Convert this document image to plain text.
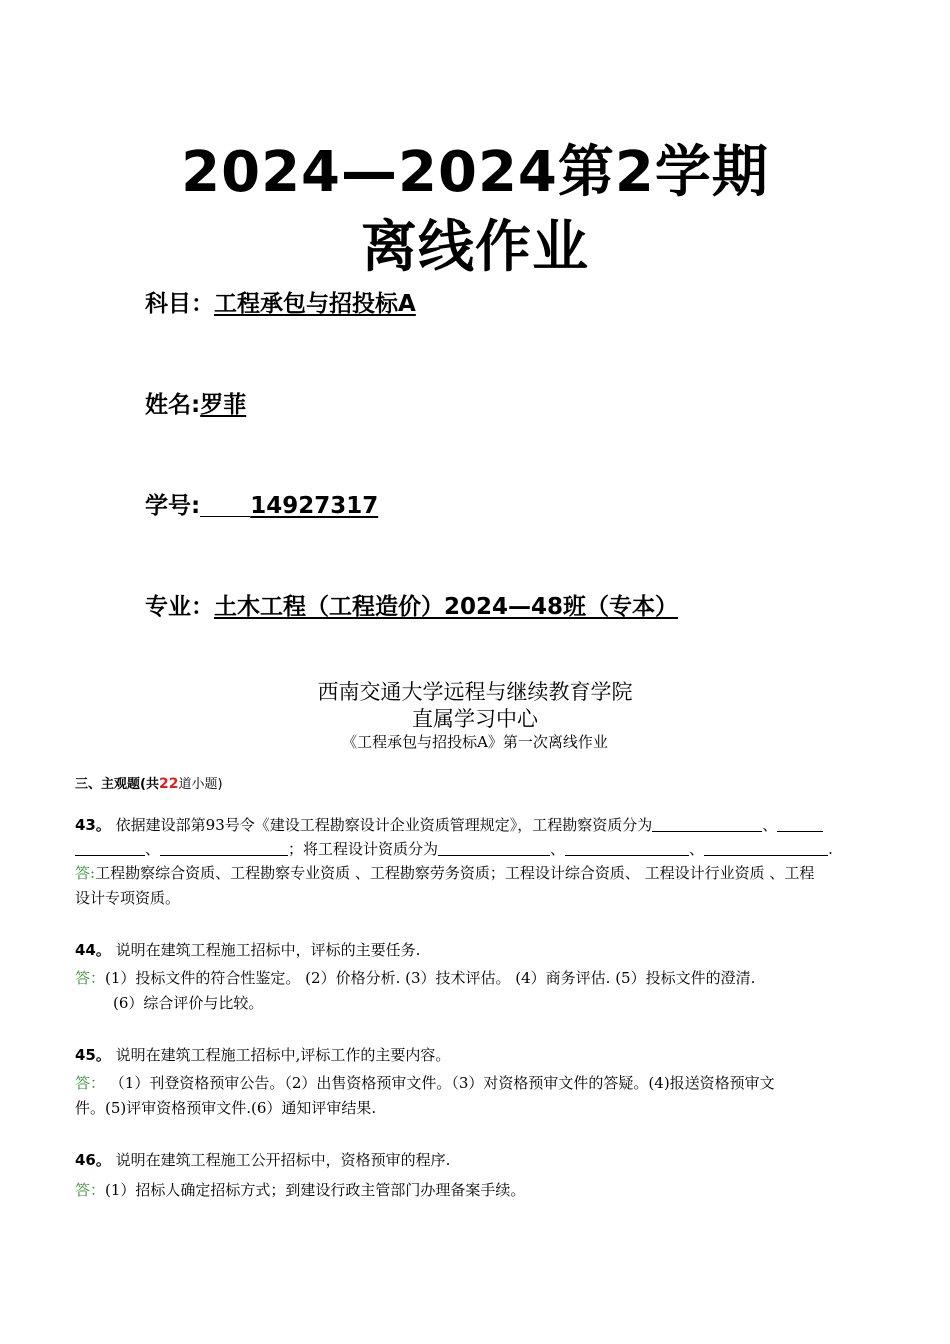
2024—2024第2学期
离线作业
科目：工程承包与招投标A
姓名:罗菲
学号: 14927317
专业：土木工程（工程造价）2024—48班（专本）
西南交通大学远程与继续教育学院
直属学习中心
《工程承包与招投标A》第一次离线作业
三、主观题(共22道小题)
43。 依据建设部第93号令《建设工程勘察设计企业资质管理规定》，工程勘察资质分为	、
、	；将工程设计资质分为	、	、	.
答:工程勘察综合资质、工程勘察专业资质 、工程勘察劳务资质；工程设计综合资质、 工程设计行业资质 、工程
设计专项资质。
44。 说明在建筑工程施工招标中，评标的主要任务.
答：(1）投标文件的符合性鉴定。 (2）价格分析. (3）技术评估。 (4）商务评估. (5）投标文件的澄清.
(6）综合评价与比较。
45。 说明在建筑工程施工招标中,评标工作的主要内容。
答： （1）刊登资格预审公告。（2）出售资格预审文件。（3）对资格预审文件的答疑。(4)报送资格预审文
件。(5)评审资格预审文件.(6）通知评审结果.
46。 说明在建筑工程施工公开招标中，资格预审的程序.
答：(1）招标人确定招标方式；到建设行政主管部门办理备案手续。
